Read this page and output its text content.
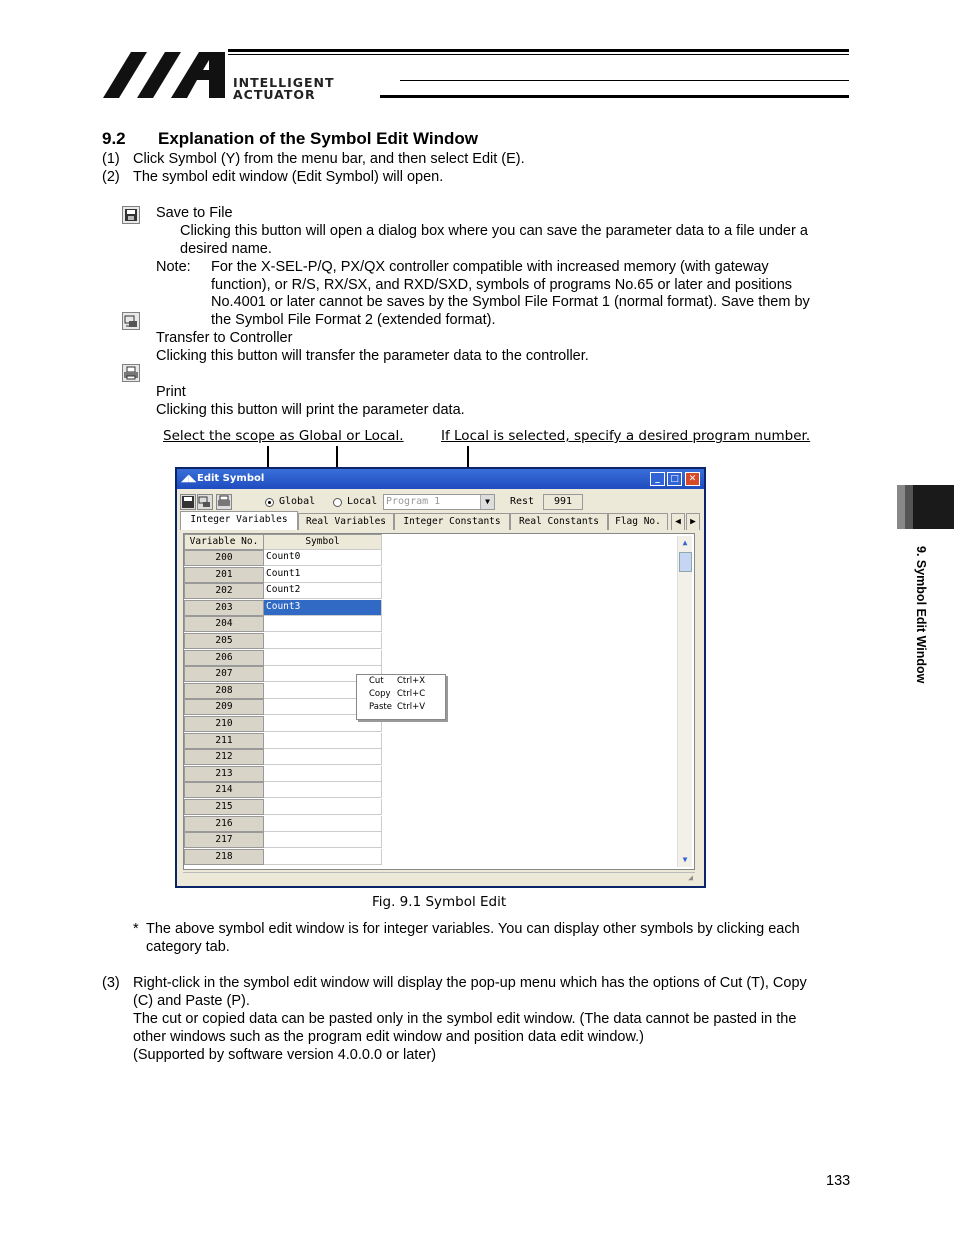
INTELLIGENT
ACTUATOR
9.2 Explanation of the Symbol Edit Window
(1) Click Symbol (Y) from the menu bar, and then select Edit (E).
(2) The symbol edit window (Edit Symbol) will open.
Save to File
Clicking this button will open a dialog box where you can save the parameter data to a file under a
desired name.
Note: For the X-SEL-P/Q, PX/QX controller compatible with increased memory (with gateway
function), or R/S, RX/SX, and RXD/SXD, symbols of programs No.65 or later and positions
No.4001 or later cannot be saves by the Symbol File Format 1 (normal format). Save them by
the Symbol File Format 2 (extended format).
Transfer to Controller
Clicking this button will transfer the parameter data to the controller.
Print
Clicking this button will print the parameter data.
Select the scope as Global or Local.	If Local is selected, specify a desired program number.
◢◣ Edit Symbol	_	□	✕
Global	Local Program 1	▼	Rest	991
Integer Variables	Real Variables	Integer Constants	Real Constants	Flag No.	◀ ▶
Variable No.	Symbol
200	Count0
201	Count1
202	Count2
203	Count3
204
205
206
207
208
209
210
211
212
213
214
215
216
217
218
▲
▼
Cut Ctrl+X
Copy Ctrl+C
Paste Ctrl+V
◢
Fig. 9.1 Symbol Edit
* The above symbol edit window is for integer variables. You can display other symbols by clicking each
category tab.
(3) Right-click in the symbol edit window will display the pop-up menu which has the options of Cut (T), Copy
(C) and Paste (P).
The cut or copied data can be pasted only in the symbol edit window. (The data cannot be pasted in the
other windows such as the program edit window and position data edit window.)
(Supported by software version 4.0.0.0 or later)
9. Symbol Edit Window
133
